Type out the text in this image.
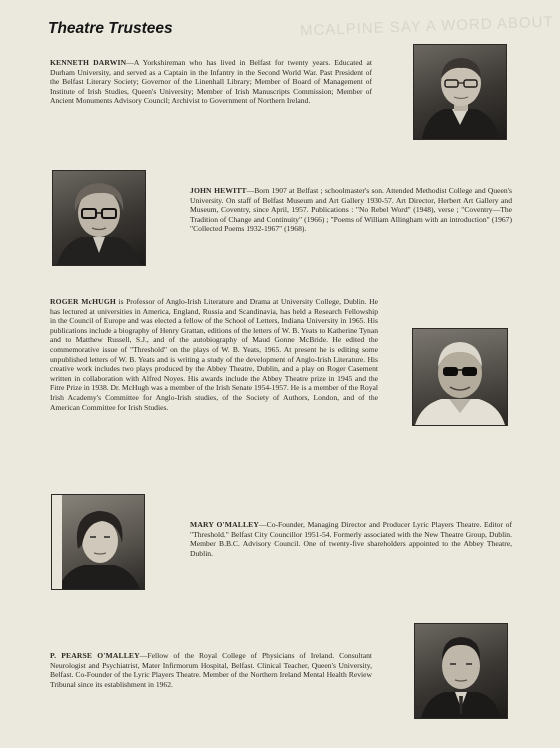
MCALPINE SAY A WORD ABOUT
Theatre Trustees

KENNETH DARWIN—A Yorkshireman who has lived in Belfast for twenty years. Educated at Durham University, and served as a Captain in the Infantry in the Second World War. Past President of the Belfast Literary Society; Governor of the Linenhall Library; Member of Board of Management of Institute of Irish Studies, Queen's University; Member of Irish Manuscripts Commission; Member of Ancient Monuments Advisory Council; Archivist to Government of Northern Ireland.

JOHN HEWITT—Born 1907 at Belfast ; schoolmaster's son. Attended Methodist College and Queen's University. On staff of Belfast Museum and Art Gallery 1930-57. Art Director, Herbert Art Gallery and Museum, Coventry, since April, 1957. Publications : "No Rebel Word" (1948), verse ; "Coventry—The Tradition of Change and Continuity" (1966) ; "Poems of William Allingham with an introduction" (1967) "Collected Poems 1932-1967" (1968).

ROGER McHUGH is Professor of Anglo-Irish Literature and Drama at University College, Dublin. He has lectured at universities in America, England, Russia and Scandinavia, has held a Research Fellowship in the Council of Europe and was elected a fellow of the School of Letters, Indiana University in 1965. His publications include a biography of Henry Grattan, editions of the letters of W. B. Yeats to Katherine Tynan and to Matthew Russell, S.J., and of the autobiography of Maud Gonne McBride. He edited the commemorative issue of "Threshold" on the plays of W. B. Yeats, 1965. At present he is editing some unpublished letters of W. B. Yeats and is writing a study of the development of Anglo-Irish Literature. His creative work includes two plays produced by the Abbey Theatre, Dublin, and a play on Roger Casement written in collaboration with Alfred Noyes. His awards include the Abbey Theatre prize in 1945 and the Fitre Prize in 1938. Dr. McHugh was a member of the Irish Senate 1954-1957. He is a member of the Royal Irish Academy's Committee for Anglo-Irish studies, of the Society of Authors, London, and of the American Committee for Irish Studies.

MARY O'MALLEY—Co-Founder, Managing Director and Producer Lyric Players Theatre. Editor of "Threshold." Belfast City Councillor 1951-54. Formerly associated with the New Theatre Group, Dublin. Member B.B.C. Advisory Council. One of twenty-five shareholders appointed to the Abbey Theatre, Dublin.

P. PEARSE O'MALLEY—Fellow of the Royal College of Physicians of Ireland. Consultant Neurologist and Psychiatrist, Mater Infirmorum Hospital, Belfast. Clinical Teacher, Queen's University, Belfast. Co-Founder of the Lyric Players Theatre. Member of the Northern Ireland Mental Health Review Tribunal since its establishment in 1962.
